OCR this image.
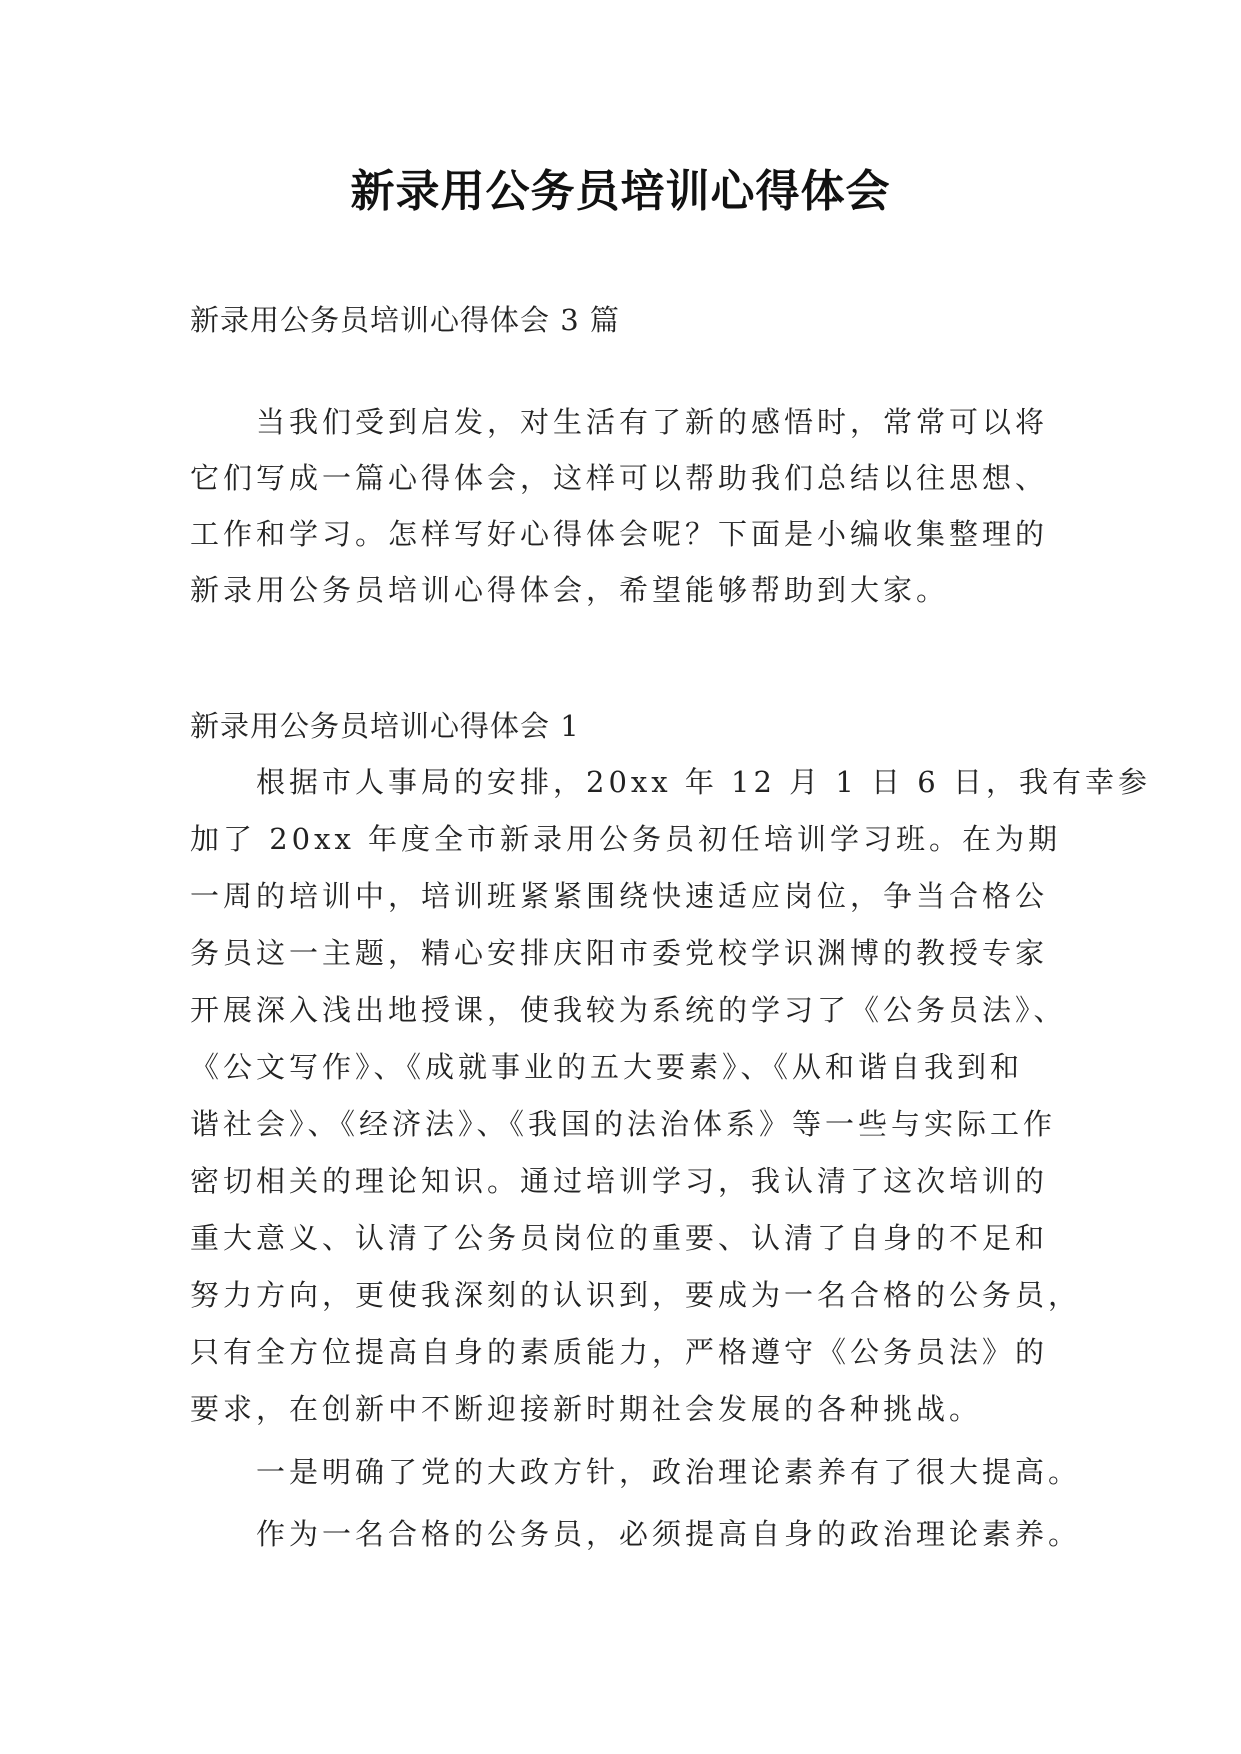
新录用公务员培训心得体会
新录用公务员培训心得体会 3 篇
当我们受到启发，对生活有了新的感悟时，常常可以将
它们写成一篇心得体会，这样可以帮助我们总结以往思想、
工作和学习。怎样写好心得体会呢？下面是小编收集整理的
新录用公务员培训心得体会，希望能够帮助到大家。
新录用公务员培训心得体会 1
根据市人事局的安排，20xx 年 12 月 1 日 6 日，我有幸参
加了 20xx 年度全市新录用公务员初任培训学习班。在为期
一周的培训中，培训班紧紧围绕快速适应岗位，争当合格公
务员这一主题，精心安排庆阳市委党校学识渊博的教授专家
开展深入浅出地授课，使我较为系统的学习了《公务员法》、
《公文写作》、《成就事业的五大要素》、《从和谐自我到和
谐社会》、《经济法》、《我国的法治体系》等一些与实际工作
密切相关的理论知识。通过培训学习，我认清了这次培训的
重大意义、认清了公务员岗位的重要、认清了自身的不足和
努力方向，更使我深刻的认识到，要成为一名合格的公务员，
只有全方位提高自身的素质能力，严格遵守《公务员法》的
要求，在创新中不断迎接新时期社会发展的各种挑战。
一是明确了党的大政方针，政治理论素养有了很大提高。
作为一名合格的公务员，必须提高自身的政治理论素养。
